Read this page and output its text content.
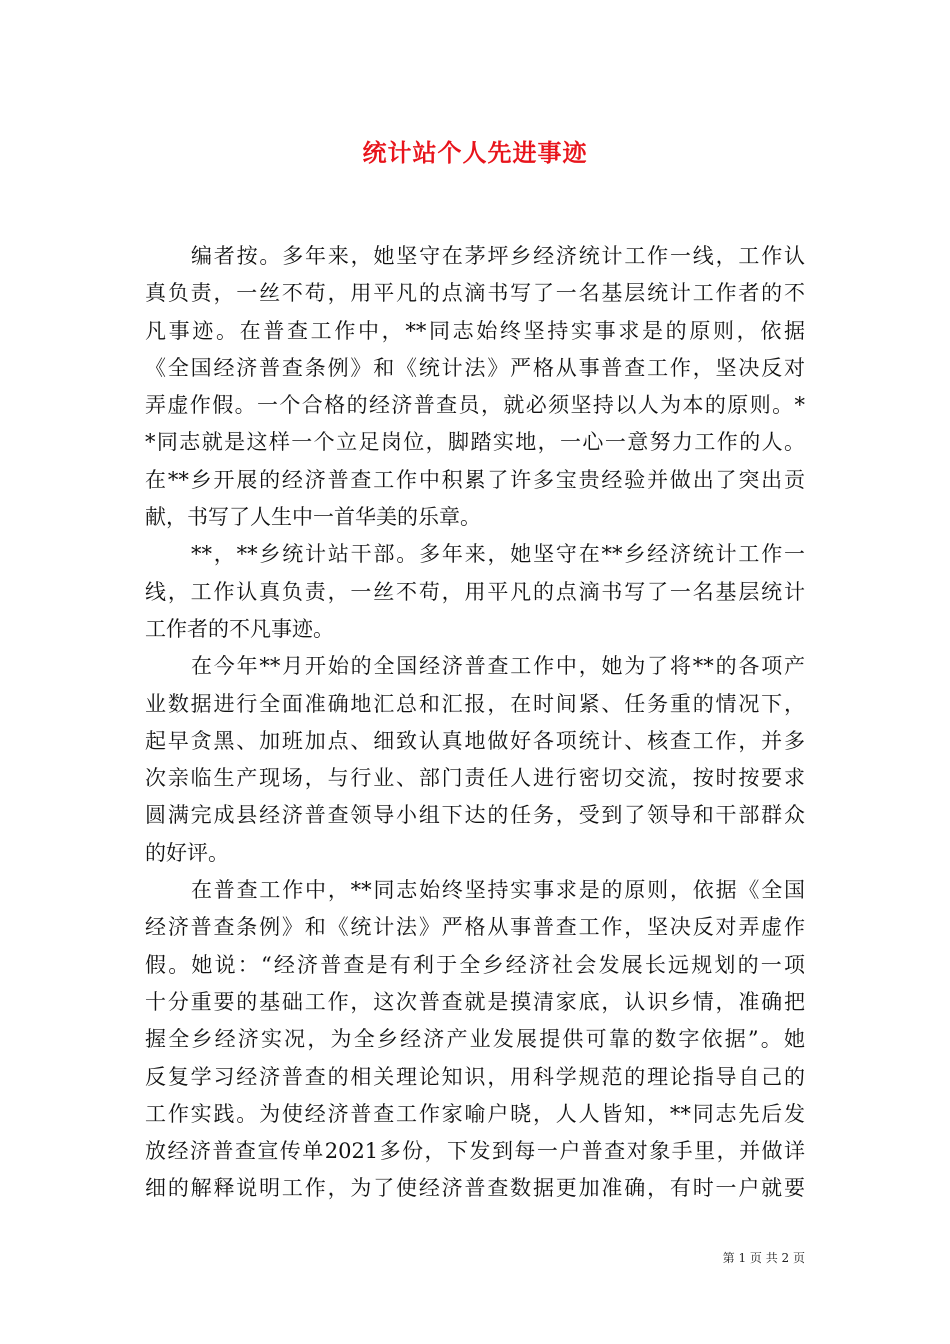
统计站个人先进事迹
编者按。多年来，她坚守在茅坪乡经济统计工作一线，工作认
真负责，一丝不苟，用平凡的点滴书写了一名基层统计工作者的不
凡事迹。在普查工作中，**同志始终坚持实事求是的原则，依据
《全国经济普查条例》和《统计法》严格从事普查工作，坚决反对
弄虚作假。一个合格的经济普查员，就必须坚持以人为本的原则。*
*同志就是这样一个立足岗位，脚踏实地，一心一意努力工作的人。
在**乡开展的经济普查工作中积累了许多宝贵经验并做出了突出贡
献，书写了人生中一首华美的乐章。
**，**乡统计站干部。多年来，她坚守在**乡经济统计工作一
线，工作认真负责，一丝不苟，用平凡的点滴书写了一名基层统计
工作者的不凡事迹。
在今年**月开始的全国经济普查工作中，她为了将**的各项产
业数据进行全面准确地汇总和汇报，在时间紧、任务重的情况下，
起早贪黑、加班加点、细致认真地做好各项统计、核查工作，并多
次亲临生产现场，与行业、部门责任人进行密切交流，按时按要求
圆满完成县经济普查领导小组下达的任务，受到了领导和干部群众
的好评。
在普查工作中，**同志始终坚持实事求是的原则，依据《全国
经济普查条例》和《统计法》严格从事普查工作，坚决反对弄虚作
假。她说：“经济普查是有利于全乡经济社会发展长远规划的一项
十分重要的基础工作，这次普查就是摸清家底，认识乡情，准确把
握全乡经济实况，为全乡经济产业发展提供可靠的数字依据”。她
反复学习经济普查的相关理论知识，用科学规范的理论指导自己的
工作实践。为使经济普查工作家喻户晓，人人皆知，**同志先后发
放经济普查宣传单2021多份，下发到每一户普查对象手里，并做详
细的解释说明工作，为了使经济普查数据更加准确，有时一户就要
第 1 页 共 2 页
